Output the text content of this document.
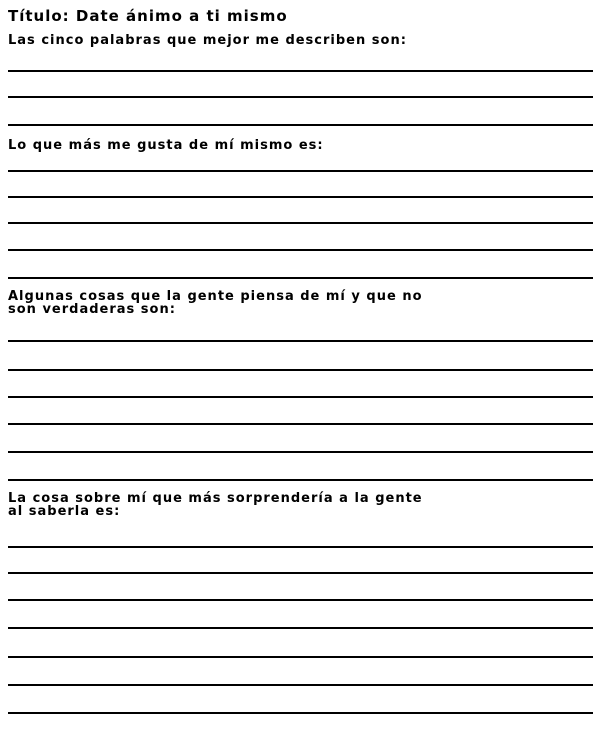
Título: Date ánimo a ti mismo
Las cinco palabras que mejor me describen son:
Lo que más me gusta de mí mismo es:
Algunas cosas que la gente piensa de mí y que no
son verdaderas son:
La cosa sobre mí que más sorprendería a la gente
al saberla es:
